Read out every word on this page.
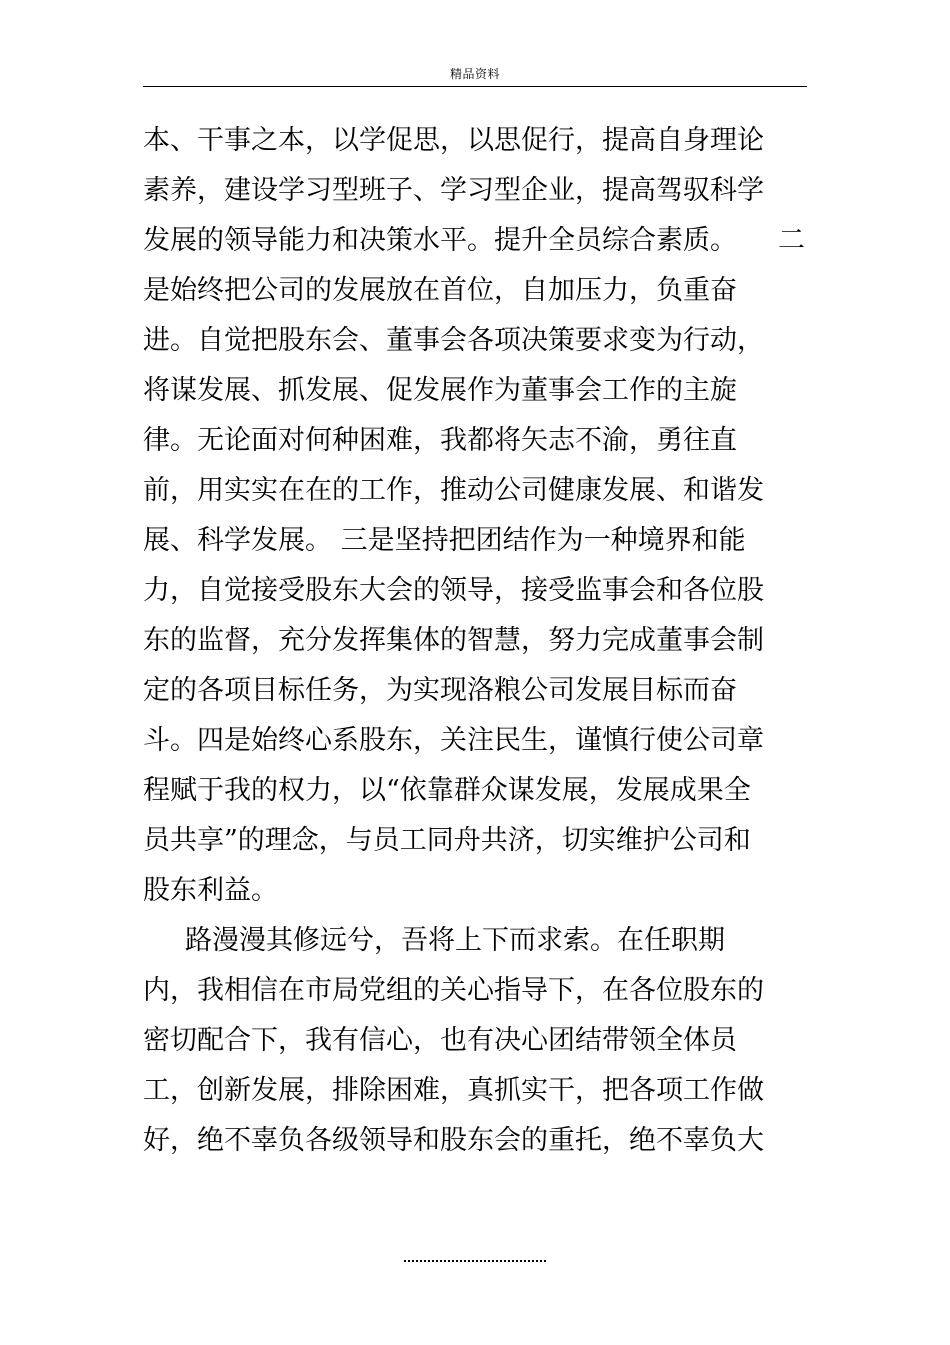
精品资料
本、干事之本，以学促思，以思促行，提高自身理论
素养，建设学习型班子、学习型企业，提高驾驭科学
发展的领导能力和决策水平。提升全员综合素质。 二
是始终把公司的发展放在首位，自加压力，负重奋
进。自觉把股东会、董事会各项决策要求变为行动，
将谋发展、抓发展、促发展作为董事会工作的主旋
律。无论面对何种困难，我都将矢志不渝，勇往直
前，用实实在在的工作，推动公司健康发展、和谐发
展、科学发展。 三是坚持把团结作为一种境界和能
力，自觉接受股东大会的领导，接受监事会和各位股
东的监督，充分发挥集体的智慧，努力完成董事会制
定的各项目标任务，为实现洛粮公司发展目标而奋
斗。四是始终心系股东，关注民生，谨慎行使公司章
程赋于我的权力，以“依靠群众谋发展，发展成果全
员共享”的理念，与员工同舟共济，切实维护公司和
股东利益。
路漫漫其修远兮，吾将上下而求索。在任职期
内，我相信在市局党组的关心指导下，在各位股东的
密切配合下，我有信心，也有决心团结带领全体员
工，创新发展，排除困难，真抓实干，把各项工作做
好，绝不辜负各级领导和股东会的重托，绝不辜负大
